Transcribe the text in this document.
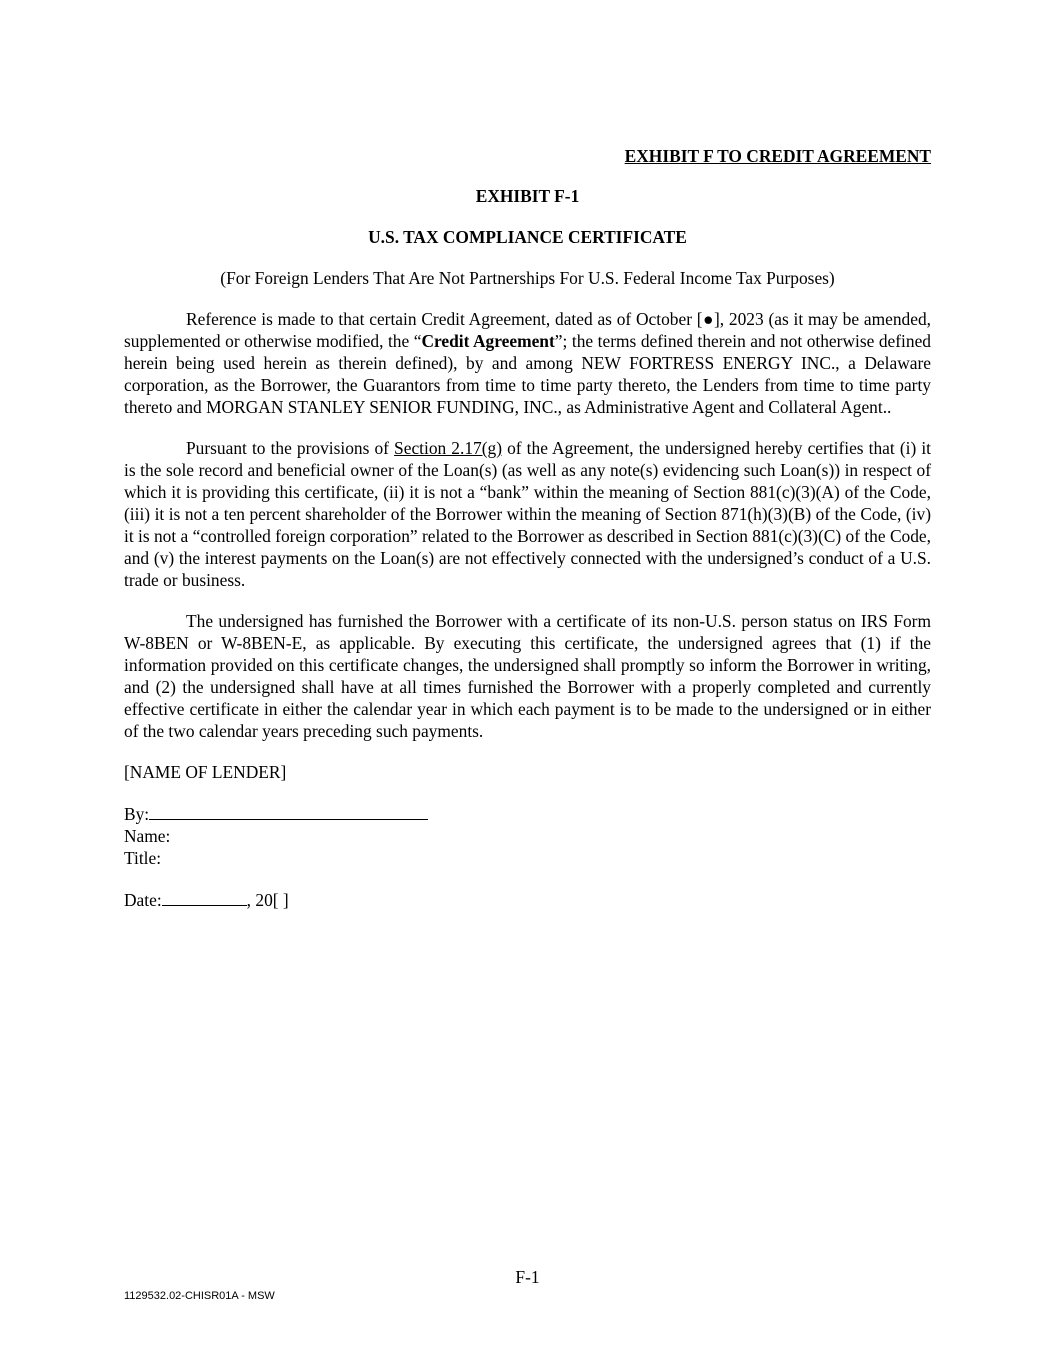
EXHIBIT F TO CREDIT AGREEMENT
EXHIBIT F-1
U.S. TAX COMPLIANCE CERTIFICATE
(For Foreign Lenders That Are Not Partnerships For U.S. Federal Income Tax Purposes)
Reference is made to that certain Credit Agreement, dated as of October [●], 2023 (as it may be amended, supplemented or otherwise modified, the “Credit Agreement”; the terms defined therein and not otherwise defined herein being used herein as therein defined), by and among NEW FORTRESS ENERGY INC., a Delaware corporation, as the Borrower, the Guarantors from time to time party thereto, the Lenders from time to time party thereto and MORGAN STANLEY SENIOR FUNDING, INC., as Administrative Agent and Collateral Agent..
Pursuant to the provisions of Section 2.17(g) of the Agreement, the undersigned hereby certifies that (i) it is the sole record and beneficial owner of the Loan(s) (as well as any note(s) evidencing such Loan(s)) in respect of which it is providing this certificate, (ii) it is not a “bank” within the meaning of Section 881(c)(3)(A) of the Code, (iii) it is not a ten percent shareholder of the Borrower within the meaning of Section 871(h)(3)(B) of the Code, (iv) it is not a “controlled foreign corporation” related to the Borrower as described in Section 881(c)(3)(C) of the Code, and (v) the interest payments on the Loan(s) are not effectively connected with the undersigned’s conduct of a U.S. trade or business.
The undersigned has furnished the Borrower with a certificate of its non-U.S. person status on IRS Form W-8BEN or W-8BEN-E, as applicable. By executing this certificate, the undersigned agrees that (1) if the information provided on this certificate changes, the undersigned shall promptly so inform the Borrower in writing, and (2) the undersigned shall have at all times furnished the Borrower with a properly completed and currently effective certificate in either the calendar year in which each payment is to be made to the undersigned or in either of the two calendar years preceding such payments.
[NAME OF LENDER]
By:
Name:
Title:
Date:	, 20[ ]
F-1
1129532.02-CHISR01A - MSW
